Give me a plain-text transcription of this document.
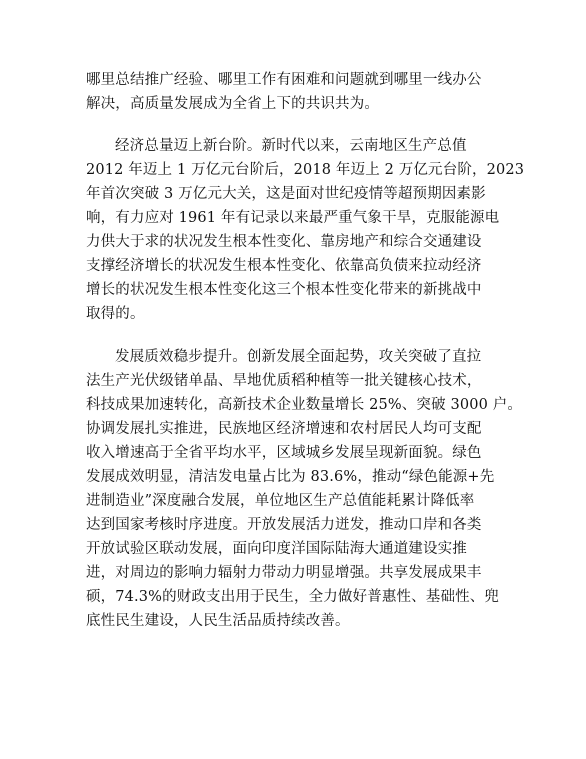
哪里总结推广经验、哪里工作有困难和问题就到哪里一线办公
解决，高质量发展成为全省上下的共识共为。
经济总量迈上新台阶。新时代以来，云南地区生产总值
2012 年迈上 1 万亿元台阶后，2018 年迈上 2 万亿元台阶，2023
年首次突破 3 万亿元大关，这是面对世纪疫情等超预期因素影
响，有力应对 1961 年有记录以来最严重气象干旱，克服能源电
力供大于求的状况发生根本性变化、靠房地产和综合交通建设
支撑经济增长的状况发生根本性变化、依靠高负债来拉动经济
增长的状况发生根本性变化这三个根本性变化带来的新挑战中
取得的。
发展质效稳步提升。创新发展全面起势，攻关突破了直拉
法生产光伏级锗单晶、旱地优质稻种植等一批关键核心技术，
科技成果加速转化，高新技术企业数量增长 25%、突破 3000 户。
协调发展扎实推进，民族地区经济增速和农村居民人均可支配
收入增速高于全省平均水平，区域城乡发展呈现新面貌。绿色
发展成效明显，清洁发电量占比为 83.6%，推动“绿色能源+先
进制造业”深度融合发展，单位地区生产总值能耗累计降低率
达到国家考核时序进度。开放发展活力迸发，推动口岸和各类
开放试验区联动发展，面向印度洋国际陆海大通道建设实推
进，对周边的影响力辐射力带动力明显增强。共享发展成果丰
硕，74.3%的财政支出用于民生，全力做好普惠性、基础性、兜
底性民生建设，人民生活品质持续改善。
